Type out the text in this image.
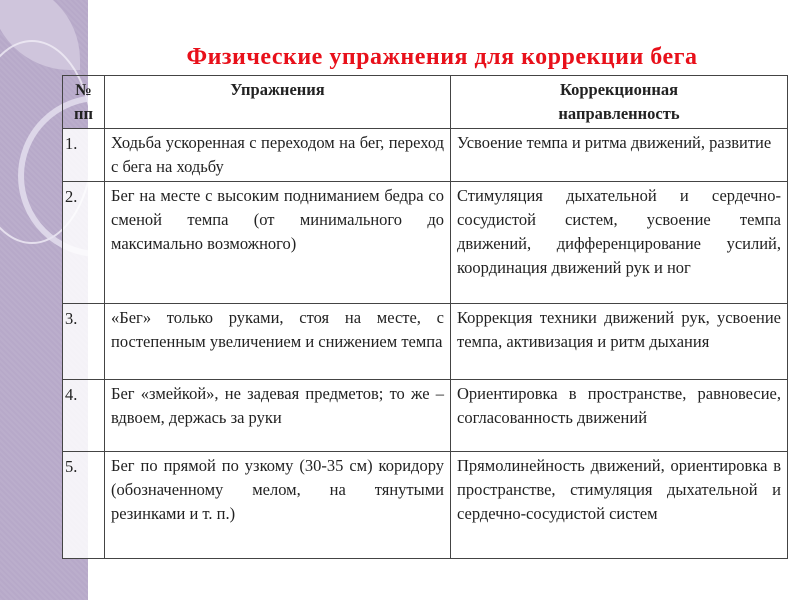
Физические упражнения для коррекции бега
№ пп	Упражнения	Коррекционная направленность
1.	Ходьба ускоренная с переходом на бег, переход с бега на ходьбу	Усвоение темпа и ритма движений, развитие
2.	Бег на месте с высоким подниманием бедра со сменой темпа (от минимального до максимально возможного)	Стимуляция дыхательной и сердечно-сосудистой систем, усвоение темпа движений, дифференцирование усилий, координация движений рук и ног
3.	«Бег» только руками, стоя на месте, с постепенным увеличением и снижением темпа	Коррекция техники движений рук, усвоение темпа, активизация и ритм дыхания
4.	Бег «змейкой», не задевая предметов; то же – вдвоем, держась за руки	Ориентировка в пространстве, равновесие, согласованность движений
5.	Бег по прямой по узкому (30-35 см) коридору (обозначенному мелом, на тянутыми резинками и т. п.)	Прямолинейность движений, ориентировка в пространстве, стимуляция дыхательной и сердечно-сосудистой систем
